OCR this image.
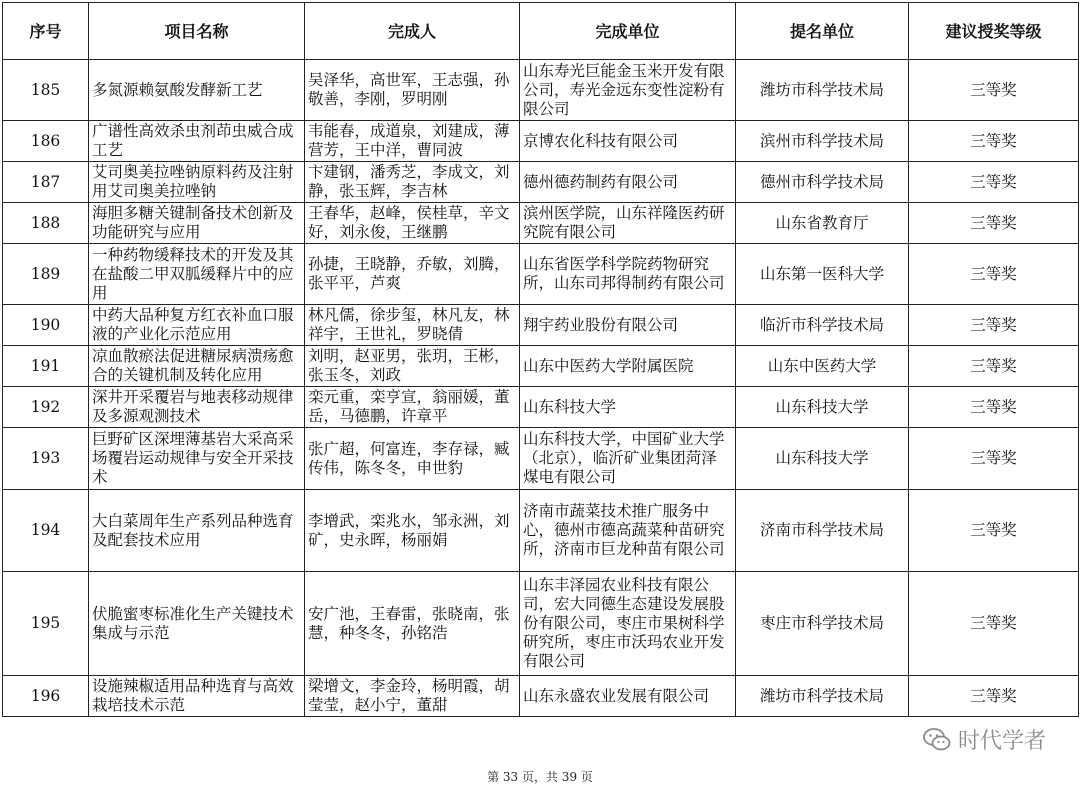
序号	项目名称	完成人	完成单位	提名单位	建议授奖等级
185	多氮源赖氨酸发酵新工艺	吴泽华，高世军，王志强，孙敬善，李刚，罗明刚	山东寿光巨能金玉米开发有限公司，寿光金远东变性淀粉有限公司	潍坊市科学技术局	三等奖
186	广谱性高效杀虫剂茚虫威合成工艺	韦能春，成道泉，刘建成，薄营芳，王中洋，曹同波	京博农化科技有限公司	滨州市科学技术局	三等奖
187	艾司奥美拉唑钠原料药及注射用艾司奥美拉唑钠	卞建钢，潘秀芝，李成文，刘静，张玉辉，李吉林	德州德药制药有限公司	德州市科学技术局	三等奖
188	海胆多糖关键制备技术创新及功能研究与应用	王春华，赵峰，侯桂草，辛文好，刘永俊，王继鹏	滨州医学院，山东祥隆医药研究院有限公司	山东省教育厅	三等奖
189	一种药物缓释技术的开发及其在盐酸二甲双胍缓释片中的应用	孙捷，王晓静，乔敏，刘腾，张平平，芦爽	山东省医学科学院药物研究所，山东司邦得制药有限公司	山东第一医科大学	三等奖
190	中药大品种复方红衣补血口服液的产业化示范应用	林凡儒，徐步玺，林凡友，林祥宇，王世礼，罗晓倩	翔宇药业股份有限公司	临沂市科学技术局	三等奖
191	凉血散瘀法促进糖尿病溃疡愈合的关键机制及转化应用	刘明，赵亚男，张玥，王彬，张玉冬，刘政	山东中医药大学附属医院	山东中医药大学	三等奖
192	深井开采覆岩与地表移动规律及多源观测技术	栾元重，栾亨宣，翁丽媛，董岳，马德鹏，许章平	山东科技大学	山东科技大学	三等奖
193	巨野矿区深埋薄基岩大采高采场覆岩运动规律与安全开采技术	张广超，何富连，李存禄，臧传伟，陈冬冬，申世豹	山东科技大学，中国矿业大学（北京），临沂矿业集团菏泽煤电有限公司	山东科技大学	三等奖
194	大白菜周年生产系列品种选育及配套技术应用	李增武，栾兆水，邹永洲，刘矿，史永晖，杨丽娟	济南市蔬菜技术推广服务中心，德州市德高蔬菜种苗研究所，济南市巨龙种苗有限公司	济南市科学技术局	三等奖
195	伏脆蜜枣标准化生产关键技术集成与示范	安广池，王春雷，张晓南，张慧，种冬冬，孙铭浩	山东丰泽园农业科技有限公司，宏大同德生态建设发展股份有限公司，枣庄市果树科学研究所，枣庄市沃玛农业开发有限公司	枣庄市科学技术局	三等奖
196	设施辣椒适用品种选育与高效栽培技术示范	梁增文，李金玲，杨明霞，胡莹莹，赵小宁，董甜	山东永盛农业发展有限公司	潍坊市科学技术局	三等奖
时代学者
第 33 页，共 39 页
